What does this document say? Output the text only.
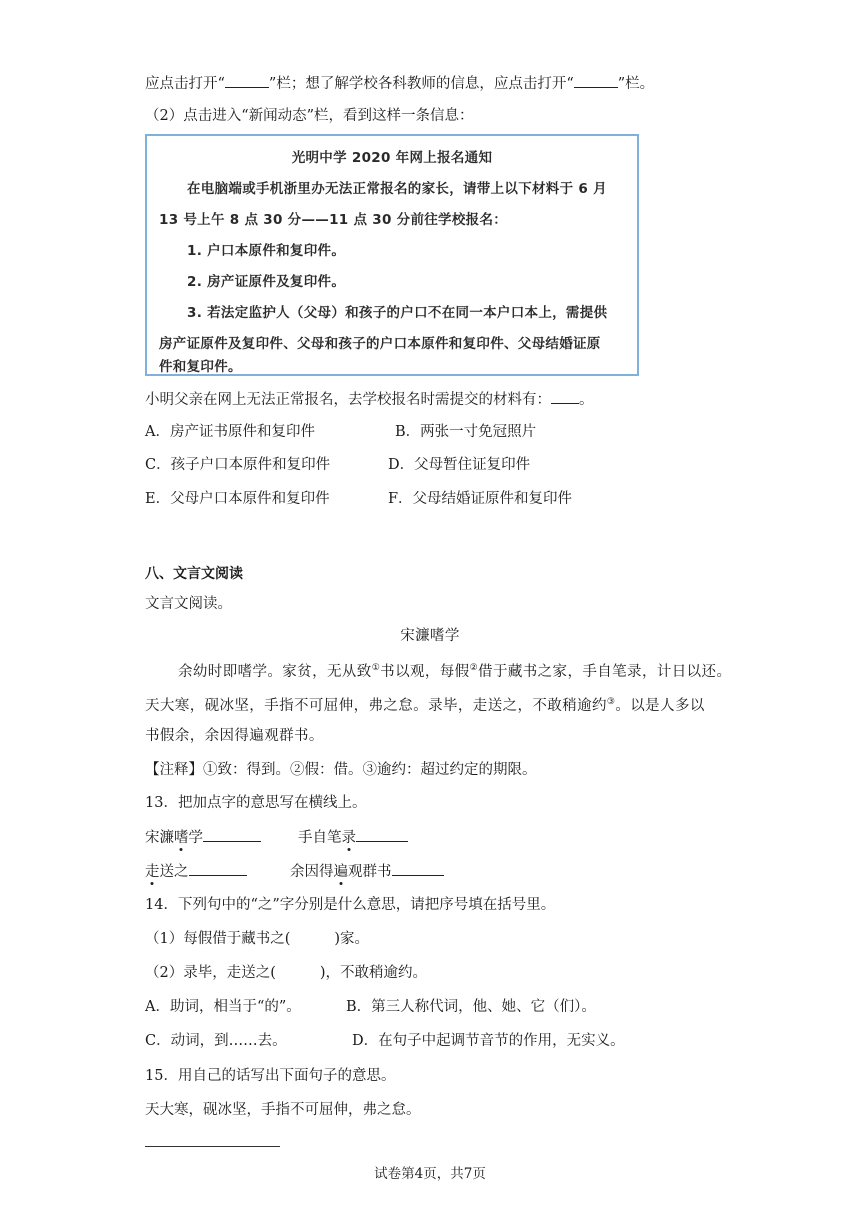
应点击打开“	”栏；想了解学校各科教师的信息，应点击打开“	”栏。
（2）点击进入“新闻动态”栏，看到这样一条信息：
光明中学 2020 年网上报名通知
在电脑端或手机浙里办无法正常报名的家长，请带上以下材料于 6 月
13 号上午 8 点 30 分——11 点 30 分前往学校报名：
1. 户口本原件和复印件。
2. 房产证原件及复印件。
3. 若法定监护人（父母）和孩子的户口不在同一本户口本上，需提供
房产证原件及复印件、父母和孩子的户口本原件和复印件、父母结婚证原
件和复印件。
小明父亲在网上无法正常报名，去学校报名时需提交的材料有： 。
A．房产证书原件和复印件	B．两张一寸免冠照片
C．孩子户口本原件和复印件	D．父母暂住证复印件
E．父母户口本原件和复印件	F．父母结婚证原件和复印件
八、文言文阅读
文言文阅读。
宋濂嗜学
余幼时即嗜学。家贫，无从致①书以观，每假②借于藏书之家，手自笔录，计日以还。
天大寒，砚冰坚，手指不可屈伸，弗之怠。录毕，走送之，不敢稍逾约③。以是人多以
书假余，余因得遍观群书。
【注释】①致：得到。②假：借。③逾约：超过约定的期限。
13．把加点字的意思写在横线上。
宋濂嗜学	手自笔录
走送之	余因得遍观群书
14．下列句中的“之”字分别是什么意思，请把序号填在括号里。
（1）每假借于藏书之(	)家。
（2）录毕，走送之(	)，不敢稍逾约。
A．助词，相当于“的”。	B．第三人称代词，他、她、它（们）。
C．动词，到……去。	D．在句子中起调节音节的作用，无实义。
15．用自己的话写出下面句子的意思。
天大寒，砚冰坚，手指不可屈伸，弗之怠。
试卷第4页，共7页
